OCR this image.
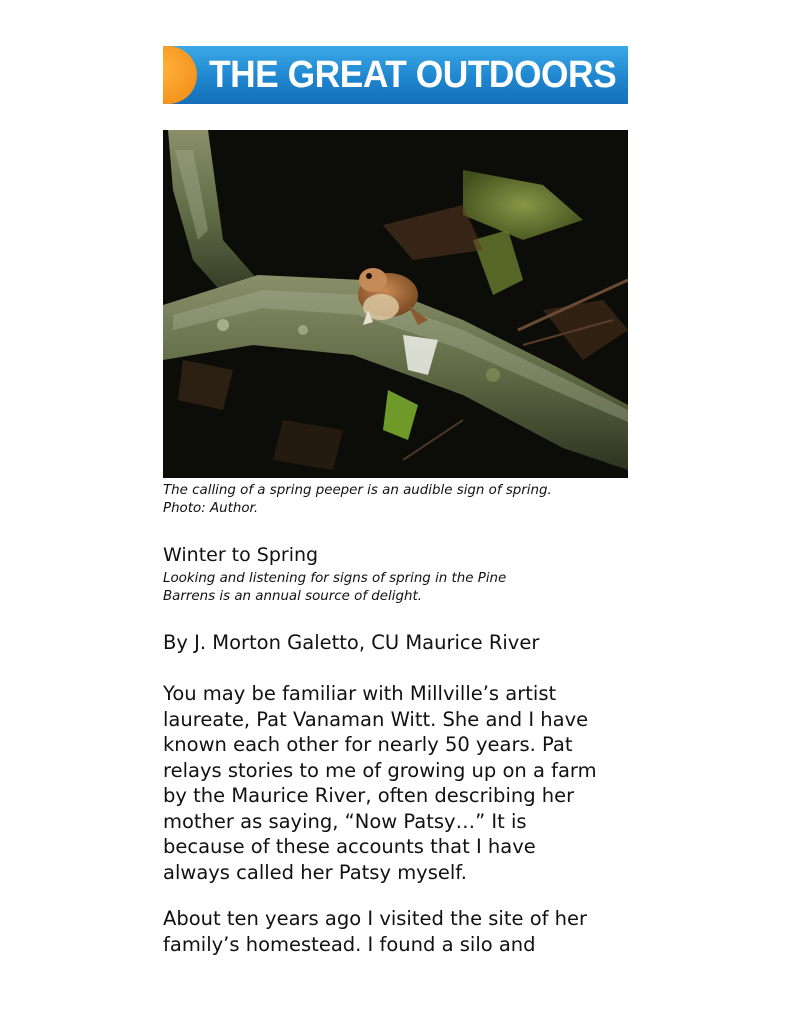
THE GREAT OUTDOORS
The calling of a spring peeper is an audible sign of spring.
Photo: Author.
Winter to Spring
Looking and listening for signs of spring in the Pine
Barrens is an annual source of delight.
By J. Morton Galetto, CU Maurice River
You may be familiar with Millville’s artist
laureate, Pat Vanaman Witt. She and I have
known each other for nearly 50 years. Pat
relays stories to me of growing up on a farm
by the Maurice River, often describing her
mother as saying, “Now Patsy…” It is
because of these accounts that I have
always called her Patsy myself.
About ten years ago I visited the site of her
family’s homestead. I found a silo and
